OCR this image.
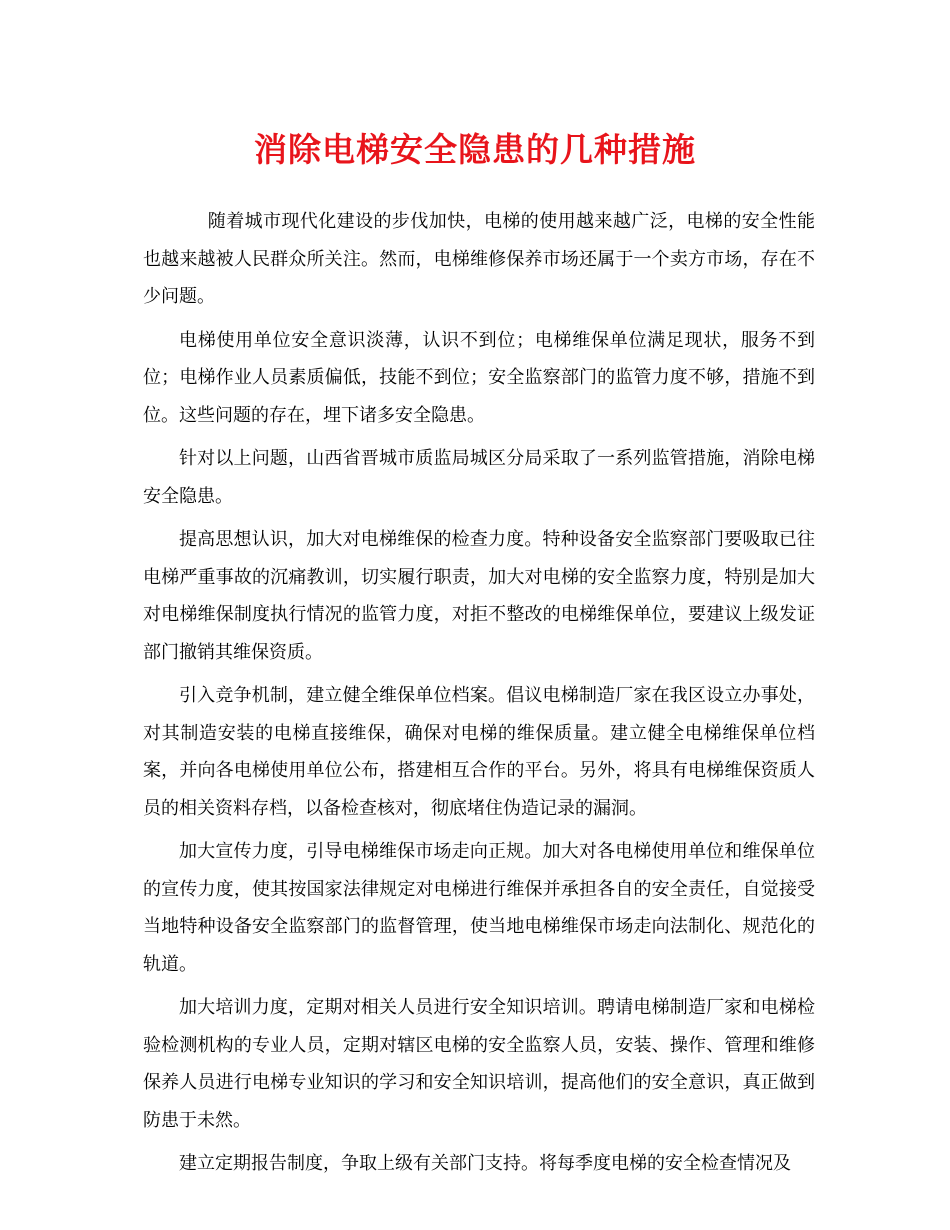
消除电梯安全隐患的几种措施

随着城市现代化建设的步伐加快，电梯的使用越来越广泛，电梯的安全性能也越来越被人民群众所关注。然而，电梯维修保养市场还属于一个卖方市场，存在不少问题。

电梯使用单位安全意识淡薄，认识不到位；电梯维保单位满足现状，服务不到位；电梯作业人员素质偏低，技能不到位；安全监察部门的监管力度不够，措施不到位。这些问题的存在，埋下诸多安全隐患。

针对以上问题，山西省晋城市质监局城区分局采取了一系列监管措施，消除电梯安全隐患。

提高思想认识，加大对电梯维保的检查力度。特种设备安全监察部门要吸取已往电梯严重事故的沉痛教训，切实履行职责，加大对电梯的安全监察力度，特别是加大对电梯维保制度执行情况的监管力度，对拒不整改的电梯维保单位，要建议上级发证部门撤销其维保资质。

引入竞争机制，建立健全维保单位档案。倡议电梯制造厂家在我区设立办事处，对其制造安装的电梯直接维保，确保对电梯的维保质量。建立健全电梯维保单位档案，并向各电梯使用单位公布，搭建相互合作的平台。另外，将具有电梯维保资质人员的相关资料存档，以备检查核对，彻底堵住伪造记录的漏洞。

加大宣传力度，引导电梯维保市场走向正规。加大对各电梯使用单位和维保单位的宣传力度，使其按国家法律规定对电梯进行维保并承担各自的安全责任，自觉接受当地特种设备安全监察部门的监督管理，使当地电梯维保市场走向法制化、规范化的轨道。

加大培训力度，定期对相关人员进行安全知识培训。聘请电梯制造厂家和电梯检验检测机构的专业人员，定期对辖区电梯的安全监察人员，安装、操作、管理和维修保养人员进行电梯专业知识的学习和安全知识培训，提高他们的安全意识，真正做到防患于未然。

建立定期报告制度，争取上级有关部门支持。将每季度电梯的安全检查情况及
